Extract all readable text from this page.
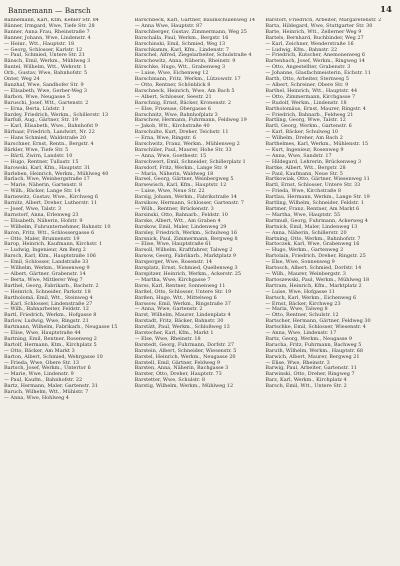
Bannemann — Barsch	14

Bannemann, Karl, Ktm, Kehler Str. 84

Bänner, Irmgard, Wwe, Tiefe Str. 28

Banner, Anna Frau, Rheinstraße 7

Banner, Johann, Wwe, Lindenstr. 4

— Heinr., Wtt., Hauptstr. 18

— Georg, Schlosser, Karlstr. 12

— Paul, Schmied, Untere Str. 21

Bänsch, Emil, Werkm., Mühlweg 3

Bantel, Wilhelm, Wtt., Wehrstr. 1

Orb., Gustav, Wwe, Bahnhofstr. 5

Onter, Weg 24

Banzhaf, Wwe, Sandhofer Str. 9

— Elisabeth, Wwe, Gerber-Weg 3

Barbon, Wwe, Neugasse 5

Baruschi, Josef, Wtt., Gartenstr. 2

— Erna, Berta, Lüdstr. 1

Bardey, Friedrich, Werkm., Schillerstr. 13

Barfuß, Aug., Gärtner, Str. 19

— Karl, Elisabeth, Wwe., Bahnhofst 9

Bärhaar, Friedrich, Landwirt, Nr. 22

— Hans Schmied, Waldstraße 20

Barschner, Ernst, Rentn., Bergstr. 4

Bärkler, Wwe, Tiefe Str. 5

— Bärtl, Zwirn, Landstr. 10

— Hugo, Rentner, Tullastr. 15

Barowski, Karl, Kfm., Hauptstr. 31

Barleben, Heinrich, Werkm., Mühlweg 40

Barlach, Wwe, Weinbergstraße 17

— Marie, Näherin, Gartenstr. 8

— Wilh., Bäcker, Lange Str. 14

Barnewitz, Gustav, Wwe., Kirchweg 6

Barnitz, Albert, Dreher, Lutherstr. 11

— Josef, Wwe, Talstr. 3

Barnstorf, Anna, Erlenweg 23

— Elisabeth, Näherin, Hofstr. 9

— Wilhelm, Fuhrunternehmer, Bahnstr. 10

Baron, Fritz, Wtt., Schlossergasse 6

— Otto, Maler, Brunnenstr. 19

Barop, Heinrich, Kaufmann, Kirchstr. 1

— Ludwig, Ingenieur, Am Berg 2

Barsch, Karl, Ktm., Hauptstraße 106

— Emil, Schlosser, Landstraße 33

— Wilhelm, Werkm., Wiesenweg 9

— Albert, Gärtner, Grabenstr. 14

— Berta, Wwe, Mittlerer Weg 7

Barthel, Georg, Fabrikarb., Bachstr. 2

— Heinrich, Schneider, Parkstr. 18

Bartholomä, Emil, Wtt., Steinweg 4

— Karl, Schlosser, Lindenstraße 27

— Wilh., Bahnarbeiter, Feldstr. 12

Bartl, Friedrich, Werkm., Hofgasse 8

Barlow, Ludwig, Wwe, Ringstr. 21

Bartmann, Wilhelm, Fabrikarb., Neugasse 15

— Elise, Wwe, Hauptstraße 44

Bartning, Emil, Rentner, Rosenweg 2

Bartolf, Hermann, Ktm., Kirchplatz 5

— Otto, Bäcker, Am Markt 3

Barton, Albert, Schmied, Wehrgasse 10

— Frieda, Wwe, Obere Str. 13

Bartsch, Josef, Werkm., Untertor 6

— Marie, Wwe, Lindenstr. 9

— Paul, Kaufm., Bahnhofstr. 22

Bartz, Hermann, Maler, Gartenstr. 31

Baruch, Wilhelm, Wtt., Mühlstr. 7

— Anna, Wwe, Hohlweg 4

Barschbeck, Karl, Gärtner, Baumschulenweg 14

— Anna Wwe, Hauptstr. 87

Barschberger, Gustav, Zimmermann, Weg 25

Barschalla, Paul, Werkm., Bergstr. 16

Barschinski, Emil, Schmied, Weg 13

Barschkamm, Karl, Kfm., Lindenstr. 7

Barschel, Alfred, Ziegelarbeiter, Schulstraße 4

Barschewitz, Anna, Näherin, Rheinstr. 9

Bärschke, Hugo, Wtt., Grabenweg 3

— Luise, Wwe, Eichenweg 12

Barschmann, Fritz, Werkm., Lützowstr. 17

— Otto, Rentner, Schönblick 8

Barschneck, Heinrich, Wwe, Am Bach 5

— Albert, Schlosser, Seestr. 21

Barschnig, Ernst, Bäcker, Kronenstr. 2

— Else, Friseuse, Obergasse 6

Barschnitz, Wwe, Bahnhofplatz 3

Barschow, Hermann, Fuhrmann, Feldweg 19

— Jakob, Wtt., Kirchstraße 40

Barschulte, Kurt, Dreher, Teichstr. 11

— Erna, Wwe, Ringstr. 6

Barschwitz, Franz, Werkm., Mühlenweg 2

Barschüler, Paul, Maurer, Hohe Str. 33

— Anna, Wwe, Goethestr. 15

Barschwert, Emil, Schneider, Schillerplatz 1

Barsdorf, Fritz, Werkm., Lange Str. 9

— Maria, Näherin, Waldweg 18

Barsel, Georg, Gärtner, Weinbergweg 5

Barsewisch, Karl, Kfm., Hauptstr. 12

— Luise, Wwe, Neue Str. 22

Barsig, Johann, Werkm., Fabrikstraße 14

Barsikow, Hermann, Schlosser, Gartenstr. 7

— Wilh., Rentner, Brückenstr. 3

Barsinski, Otto, Bahnarb., Feldstr. 10

Barske, Albert, Wtt., Am Graben 4

Barskow, Emil, Maler, Lindenweg 29

Barsley, Friedrich, Werkm., Schulweg 16

Barsnick, Paul, Zimmermann, Bergweg 8

— Elise, Wwe, Hauptstraße 61

Barsoll, Wilhelm, Kraftfahrer, Talweg 2

Barsow, Georg, Fabrikarb., Marktplatz 9

Barsperger, Wwe, Rosenstr. 14

Barsplatz, Ernst, Schmied, Quellenweg 3

Barspitzer, Heinrich, Werkm., Ackerstr. 25

— Martha, Wwe, Kirchgasse 7

Barss, Karl, Rentner, Sonnenweg 11

Barßel, Otto, Schlosser, Untere Str. 19

Barßen, Hugo, Wtt., Mittelweg 6

Barssow, Emil, Werkm., Ringstraße 37

— Anna, Wwe, Gartenstr. 2

Barst, Wilhelm, Maurer, Lindenplatz 4

Barstadt, Fritz, Bäcker, Bahnstr. 30

Barstätt, Paul, Werkm., Schloßweg 13

Barstecher, Karl, Kfm., Markt 1

— Else, Wwe, Rheinstr. 18

Barstedt, Georg, Fuhrmann, Dorfstr. 27

Barstein, Albert, Schneider, Wiesenstr. 5

Barstel, Heinrich, Werkm., Neugasse 20

Barstell, Emil, Gärtner, Feldweg 9

Barsten, Anna, Näherin, Bachgasse 3

Barster, Otto, Dreher, Hauptstr. 73

Barstetter, Wwe, Schulstr. 8

Barstig, Wilhelm, Werkm., Mühlweg 12

Barstorf, Friedrich, Arbeiter, Margaretenstr. 2

Barta, Hildegard, Wwe, Stuttgarter Str. 30

Barte, Heinrich, Wtt., Zellerner Weg 9

Bartels, Bernhard, Buchbinder, Weg 27

— Karl, Zeichner, Wenderstraße 16

— Ludwig, Kfm., Bahnstr. 22

— Friedrich, Kutscher, Anemonenweg 6

Bartenbach, Josef, Werkm., Ringweg 14

— Otto, Angestellter, Grabenstr. 3

— Johanne, Glasfachmeisterin, Eichstr. 11

Barth, Otto, Arbeiter, Sternweg 5

— Albert, Schreiner, Obere Str. 9

Barthel, Heinrich, Wtt., Hauptstr. 44

— Otto, Zimmermann, Kirchgasse 7

— Rudolf, Werkm., Lindenstr. 18

Bartholomäus, Ernst, Maurer, Ringstr. 4

— Friedrich, Bahnarb., Feldweg 21

Bartling, Georg, Wwe, Talstr. 12

Bartl, Georg, Werkm., Gartenstr. 6

— Karl, Bäcker, Schulweg 10

— Wilhelm, Dreher, Am Bach 2

Barthelmes, Karl, Werkm., Mühlenstr. 15

— Kurt, Ingenieur, Rosenweg 9

— Anna, Wwe, Sandstr. 17

— Hildegard, Lehrerin, Brückenweg 3

Bartke, Albert, Wtt., Bergstr. 28

— Paul, Kaufmann, Neue Str. 5

Bartkowiak, Otto, Gärtner, Wiesenweg 11

Bartl, Ernst, Schlosser, Untere Str. 33

— Frieda, Wwe, Kirchstraße 8

Bartlau, Hermann, Werkm., Lange Str. 19

Bartling, Wilhelm, Schneider, Feldstr. 1

Bartmer, Franz, Rentner, Am Markt 6

— Martha, Wwe, Hauptstr. 55

Bartmuß, Georg, Fuhrmann, Ackerweg 4

Bartnick, Emil, Maler, Lindenweg 13

— Anna, Näherin, Schillerstr. 20

Bartning, Otto, Werkm., Bahnhofstr. 7

Bartoczek, Karl, Wwe, Grabenweg 16

— Hugo, Werkm., Gartenweg 2

Bartolain, Friedrich, Dreher, Ringstr. 25

— Else, Wwe, Sonnenweg 9

Bartosch, Albert, Schmied, Dorfstr. 14

— Wilh., Maurer, Weinbergstr. 3

Bartoszewski, Paul, Werkm., Mühlweg 18

Bartram, Heinrich, Kfm., Marktplatz 2

— Luise, Wwe, Hofgasse 11

Bartsch, Karl, Werkm., Eichenweg 6

— Ernst, Bäcker, Kirchweg 23

— Maria, Wwe, Talweg 8

— Otto, Rentner, Schulstr. 12

Bartscher, Hermann, Gärtner, Feldweg 30

Bartschke, Emil, Schlosser, Wiesenstr. 4

— Anna, Wwe, Lindenstr. 17

Bartz, Georg, Werkm., Neugasse 9

Barucha, Fritz, Fuhrmann, Bachweg 5

Baruth, Wilhelm, Werkm., Hauptstr. 68

Barwich, Albert, Maurer, Bergweg 21

— Elise, Wwe, Rheinstr. 3

Barwig, Paul, Arbeiter, Gartenstr. 11

Barwinski, Otto, Dreher, Ringweg 7

Barz, Karl, Werkm., Kirchplatz 4

Barsch, Emil, Wtt., Untere Str. 2
